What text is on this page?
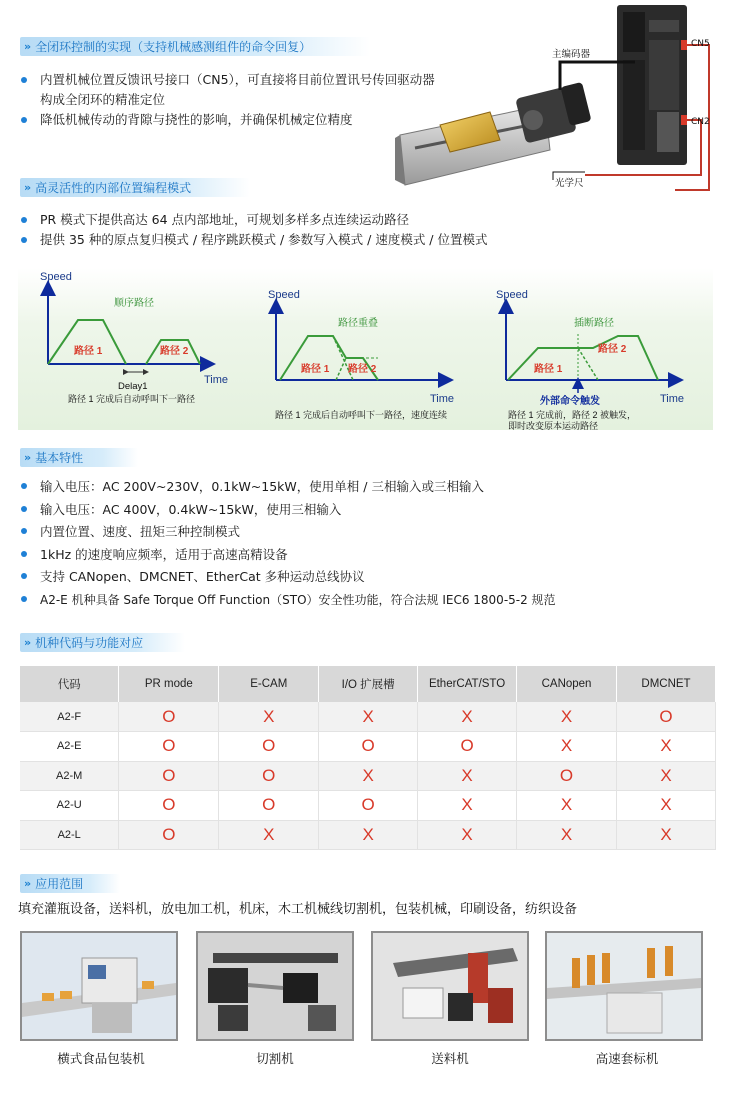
» 全闭环控制的实现（支持机械感测组件的命令回复）
内置机械位置反馈讯号接口（CN5），可直接将目前位置讯号传回驱动器
构成全闭环的精准定位
降低机械传动的背隙与挠性的影响，并确保机械定位精度
主编码器
CN5
CN2
光学尺
» 高灵活性的内部位置编程模式
PR 模式下提供高达 64 点内部地址，可规划多样多点连续运动路径
提供 35 种的原点复归模式 / 程序跳跃模式 / 参数写入模式 / 速度模式 / 位置模式
Speed
Time
顺序路径
路径 1	路径 2
Delay1
路径 1 完成后自动呼叫下一路径
Speed
Time
路径重叠
路径 1 路径 2
路径 1 完成后自动呼叫下一路径，速度连续
Speed
Time
插断路径
路径 1
路径 2
外部命令触发
路径 1 完成前，路径 2 被触发，
即时改变原本运动路径
» 基本特性
输入电压：AC 200V~230V，0.1kW~15kW，使用单相 / 三相输入或三相输入
输入电压：AC 400V，0.4kW~15kW，使用三相输入
内置位置、速度、扭矩三种控制模式
1kHz 的速度响应频率，适用于高速高精设备
支持 CANopen、DMCNET、EtherCat 多种运动总线协议
A2-E 机种具备 Safe Torque Off Function（STO）安全性功能，符合法规 IEC6 1800-5-2 规范
» 机种代码与功能对应
代码	PR mode	E-CAM	I/O 扩展槽	EtherCAT/STO	CANopen	DMCNET
A2-F	O	X	X	X	X	O
A2-E	O	O	O	O	X	X
A2-M	O	O	X	X	O	X
A2-U	O	O	O	X	X	X
A2-L	O	X	X	X	X	X
» 应用范围
填充灌瓶设备，送料机，放电加工机，机床，木工机械线切割机，包装机械，印刷设备，纺织设备
横式食品包装机	切割机	送料机	高速套标机
